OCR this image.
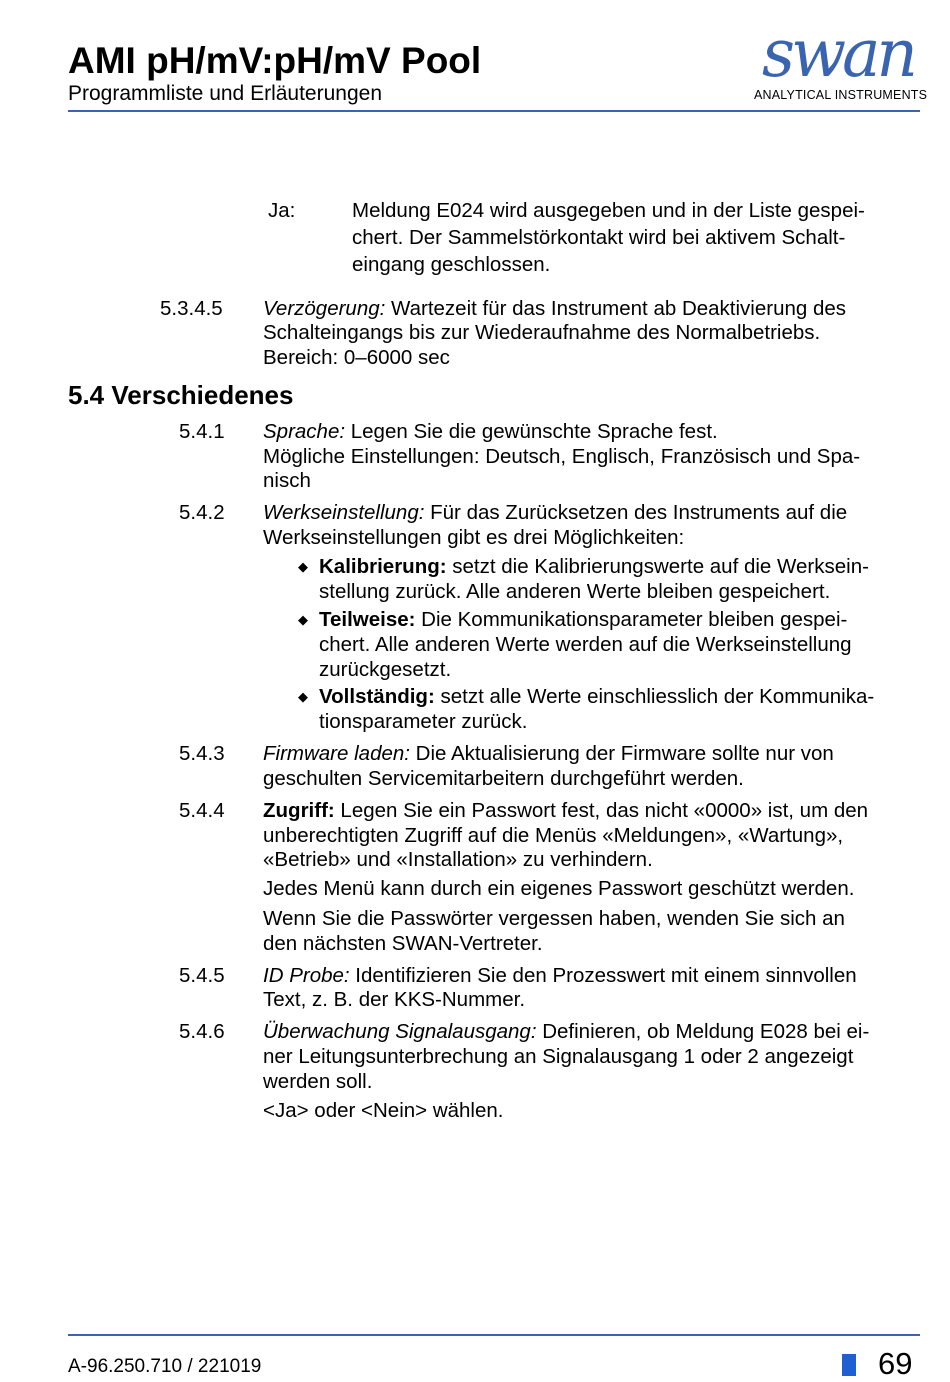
AMI pH/mV:pH/mV Pool
Programmliste und Erläuterungen
swan
ANALYTICAL INSTRUMENTS
Ja:	Meldung E024 wird ausgegeben und in der Liste gespei-
chert. Der Sammelstörkontakt wird bei aktivem Schalt-
eingang geschlossen.
5.3.4.5 Verzögerung: Wartezeit für das Instrument ab Deaktivierung des
Schalteingangs bis zur Wiederaufnahme des Normalbetriebs.
Bereich: 0–6000 sec
5.4 Verschiedenes
5.4.1 Sprache: Legen Sie die gewünschte Sprache fest.
Mögliche Einstellungen: Deutsch, Englisch, Französisch und Spa-
nisch
5.4.2 Werkseinstellung: Für das Zurücksetzen des Instruments auf die
Werkseinstellungen gibt es drei Möglichkeiten:
◆ Kalibrierung: setzt die Kalibrierungswerte auf die Werksein-
stellung zurück. Alle anderen Werte bleiben gespeichert.
◆ Teilweise: Die Kommunikationsparameter bleiben gespei-
chert. Alle anderen Werte werden auf die Werkseinstellung
zurückgesetzt.
◆ Vollständig: setzt alle Werte einschliesslich der Kommunika-
tionsparameter zurück.
5.4.3 Firmware laden: Die Aktualisierung der Firmware sollte nur von
geschulten Servicemitarbeitern durchgeführt werden.
5.4.4 Zugriff: Legen Sie ein Passwort fest, das nicht «0000» ist, um den
unberechtigten Zugriff auf die Menüs «Meldungen», «Wartung»,
«Betrieb» und «Installation» zu verhindern.
Jedes Menü kann durch ein eigenes Passwort geschützt werden.
Wenn Sie die Passwörter vergessen haben, wenden Sie sich an
den nächsten SWAN-Vertreter.
5.4.5 ID Probe: Identifizieren Sie den Prozesswert mit einem sinnvollen
Text, z. B. der KKS-Nummer.
5.4.6 Überwachung Signalausgang: Definieren, ob Meldung E028 bei ei-
ner Leitungsunterbrechung an Signalausgang 1 oder 2 angezeigt
werden soll.
<Ja> oder <Nein> wählen.
A-96.250.710 / 221019	69
